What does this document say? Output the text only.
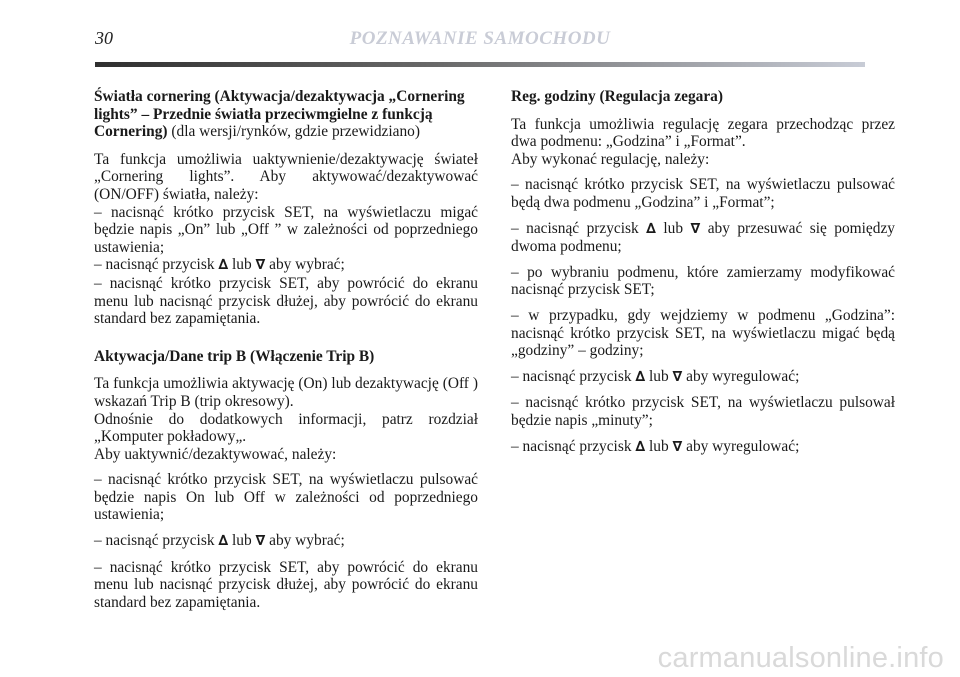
30	POZNAWANIE SAMOCHODU
Światła cornering (Aktywacja/dezaktywacja „Cornering lights” – Przednie światła przeciwmgielne z funkcją Cornering) (dla wersji/rynków, gdzie przewidziano)

Ta funkcja umożliwia uaktywnienie/dezaktywację świateł „Cornering lights”. Aby aktywować/dezaktywować (ON/OFF) światła, należy:

– nacisnąć krótko przycisk SET, na wyświetlaczu migać będzie napis „On” lub „Off ” w zależności od poprzedniego ustawienia;

– nacisnąć przycisk ∆ lub ∇ aby wybrać;

– nacisnąć krótko przycisk SET, aby powrócić do ekranu menu lub nacisnąć przycisk dłużej, aby powrócić do ekranu standard bez zapamiętania.

Aktywacja/Dane trip B (Włączenie Trip B)

Ta funkcja umożliwia aktywację (On) lub dezaktywację (Off ) wskazań Trip B (trip okresowy).

Odnośnie do dodatkowych informacji, patrz rozdział „Komputer pokładowy„.

Aby uaktywnić/dezaktywować, należy:

– nacisnąć krótko przycisk SET, na wyświetlaczu pulsować będzie napis On lub Off w zależności od poprzedniego ustawienia;

– nacisnąć przycisk ∆ lub ∇ aby wybrać;

– nacisnąć krótko przycisk SET, aby powrócić do ekranu menu lub nacisnąć przycisk dłużej, aby powrócić do ekranu standard bez zapamiętania.

Reg. godziny (Regulacja zegara)

Ta funkcja umożliwia regulację zegara przechodząc przez dwa podmenu: „Godzina” i „Format”.

Aby wykonać regulację, należy:

– nacisnąć krótko przycisk SET, na wyświetlaczu pulsować będą dwa podmenu „Godzina” i „Format”;

– nacisnąć przycisk ∆ lub ∇ aby przesuwać się pomiędzy dwoma podmenu;

– po wybraniu podmenu, które zamierzamy modyfikować nacisnąć przycisk SET;

– w przypadku, gdy wejdziemy w podmenu „Godzina”: nacisnąć krótko przycisk SET, na wyświetlaczu migać będą „godziny” – godziny;

– nacisnąć przycisk ∆ lub ∇ aby wyregulować;

– nacisnąć krótko przycisk SET, na wyświetlaczu pulsował będzie napis „minuty”;

– nacisnąć przycisk ∆ lub ∇ aby wyregulować;

carmanualsonline.info
